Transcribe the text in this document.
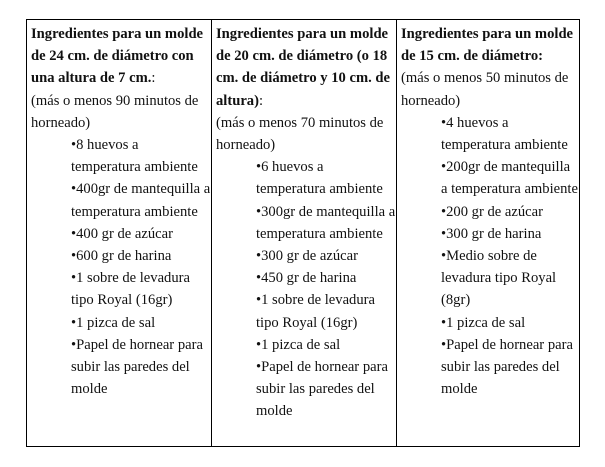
Ingredientes para un molde de 24 cm. de diámetro con una altura de 7 cm.:

(más o menos 90 minutos de horneado)

• 8 huevos a temperatura ambiente
• 400gr de mantequilla a temperatura ambiente
• 400 gr de azúcar
• 600 gr de harina
• 1 sobre de levadura tipo Royal (16gr)
• 1 pizca de sal
• Papel de hornear para subir las paredes del molde

Ingredientes para un molde de 20 cm. de diámetro (o 18 cm. de diámetro y 10 cm. de altura):

(más o menos 70 minutos de horneado)

• 6 huevos a temperatura ambiente
• 300gr de mantequilla a temperatura ambiente
• 300 gr de azúcar
• 450 gr de harina
• 1 sobre de levadura tipo Royal (16gr)
• 1 pizca de sal
• Papel de hornear para subir las paredes del molde

Ingredientes para un molde de 15 cm. de diámetro:

(más o menos 50 minutos de horneado)

• 4 huevos a temperatura ambiente
• 200gr de mantequilla a temperatura ambiente
• 200 gr de azúcar
• 300 gr de harina
• Medio sobre de levadura tipo Royal (8gr)
• 1 pizca de sal
• Papel de hornear para subir las paredes del molde
